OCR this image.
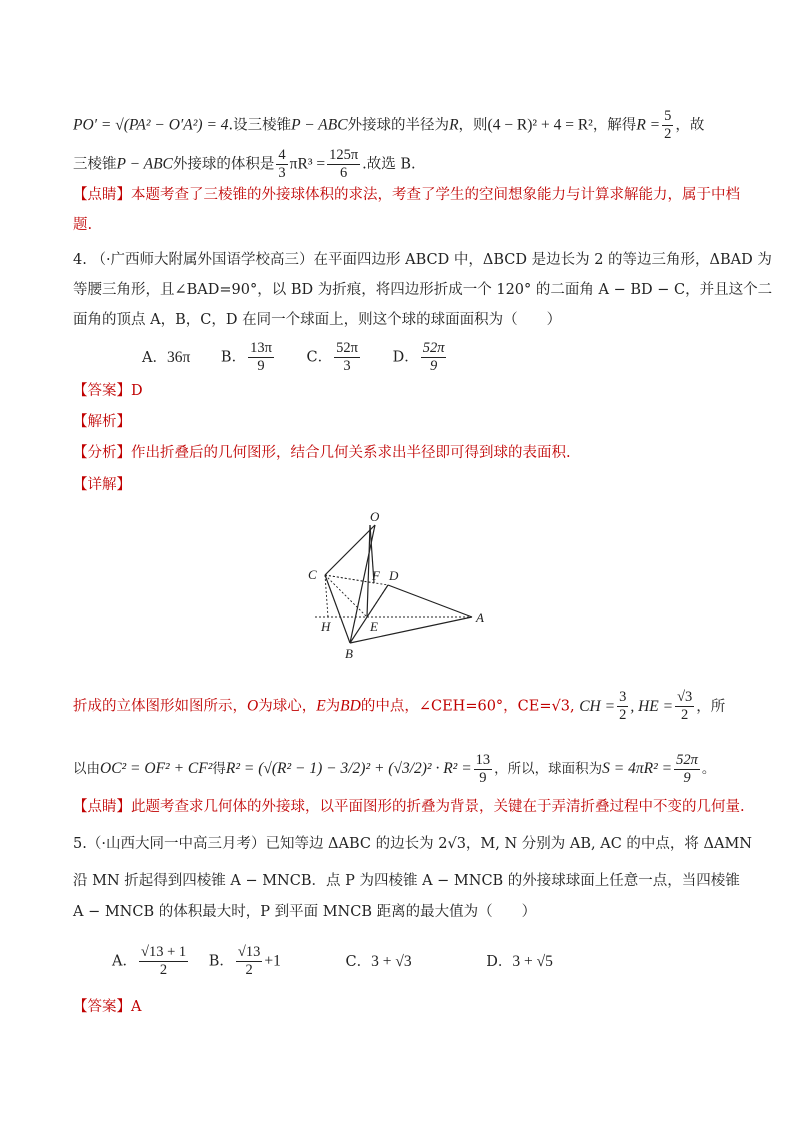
PO′ = √(PA² − O′A²) = 4.设三棱锥P − ABC外接球的半径为R，则(4 − R)² + 4 = R²，解得$R = \frac{5}{2}$ ，故
三棱锥P − ABC外接球的体积是 $\frac{4}{3} \pi R^3 = \frac{125\pi}{6}$ .故选 B.
【点睛】本题考查了三棱锥的外接球体积的求法，考查了学生的空间想象能力与计算求解能力，属于中档
题.
4. （·广西师大附属外国语学校高三）在平面四边形 ABCD 中，ΔBCD 是边长为 2 的等边三角形，ΔBAD 为
等腰三角形，且∠BAD=90°，以 BD 为折痕，将四边形折成一个 120° 的二面角 A − BD − C，并且这个二
面角的顶点 A，B，C，D 在同一个球面上，则这个球的球面面积为（　　）
A．36π B． $\frac{13\pi}{9}$ C． $\frac{52\pi}{3}$ D． $\frac{52\pi}{9}$
【答案】D
【解析】
【分析】作出折叠后的几何图形，结合几何关系求出半径即可得到球的表面积.
【详解】
O
C	F D
H	E
A
B
折成的立体图形如图所示，O为球心，E为BD的中点，∠CEH=60°，CE=√3, CH = $\frac{3}{2}$ , HE = $\frac{√3}{2}$ ，所
以由OC² = OF² + CF²得$R^2 = (√(R^2 - 1) - 3/2)^2 + (√3/2)^2 \cdot R^2 = \frac{13}{9}$ ，所以，球面积为$S = 4\pi R^2 = \frac{52\pi}{9}$ 。
【点睛】此题考查求几何体的外接球，以平面图形的折叠为背景，关键在于弄清折叠过程中不变的几何量.
5.（·山西大同一中高三月考）已知等边 ΔABC 的边长为 2√3，M, N 分别为 AB, AC 的中点，将 ΔAMN
沿 MN 折起得到四棱锥 A − MNCB．点 P 为四棱锥 A − MNCB 的外接球球面上任意一点，当四棱锥
A − MNCB 的体积最大时，P 到平面 MNCB 距离的最大值为（　　）
A． $\frac{√13 + 1}{2}$ B． $\frac{√13}{2} +1$	C．3 + √3	D．3 + √5
【答案】A
